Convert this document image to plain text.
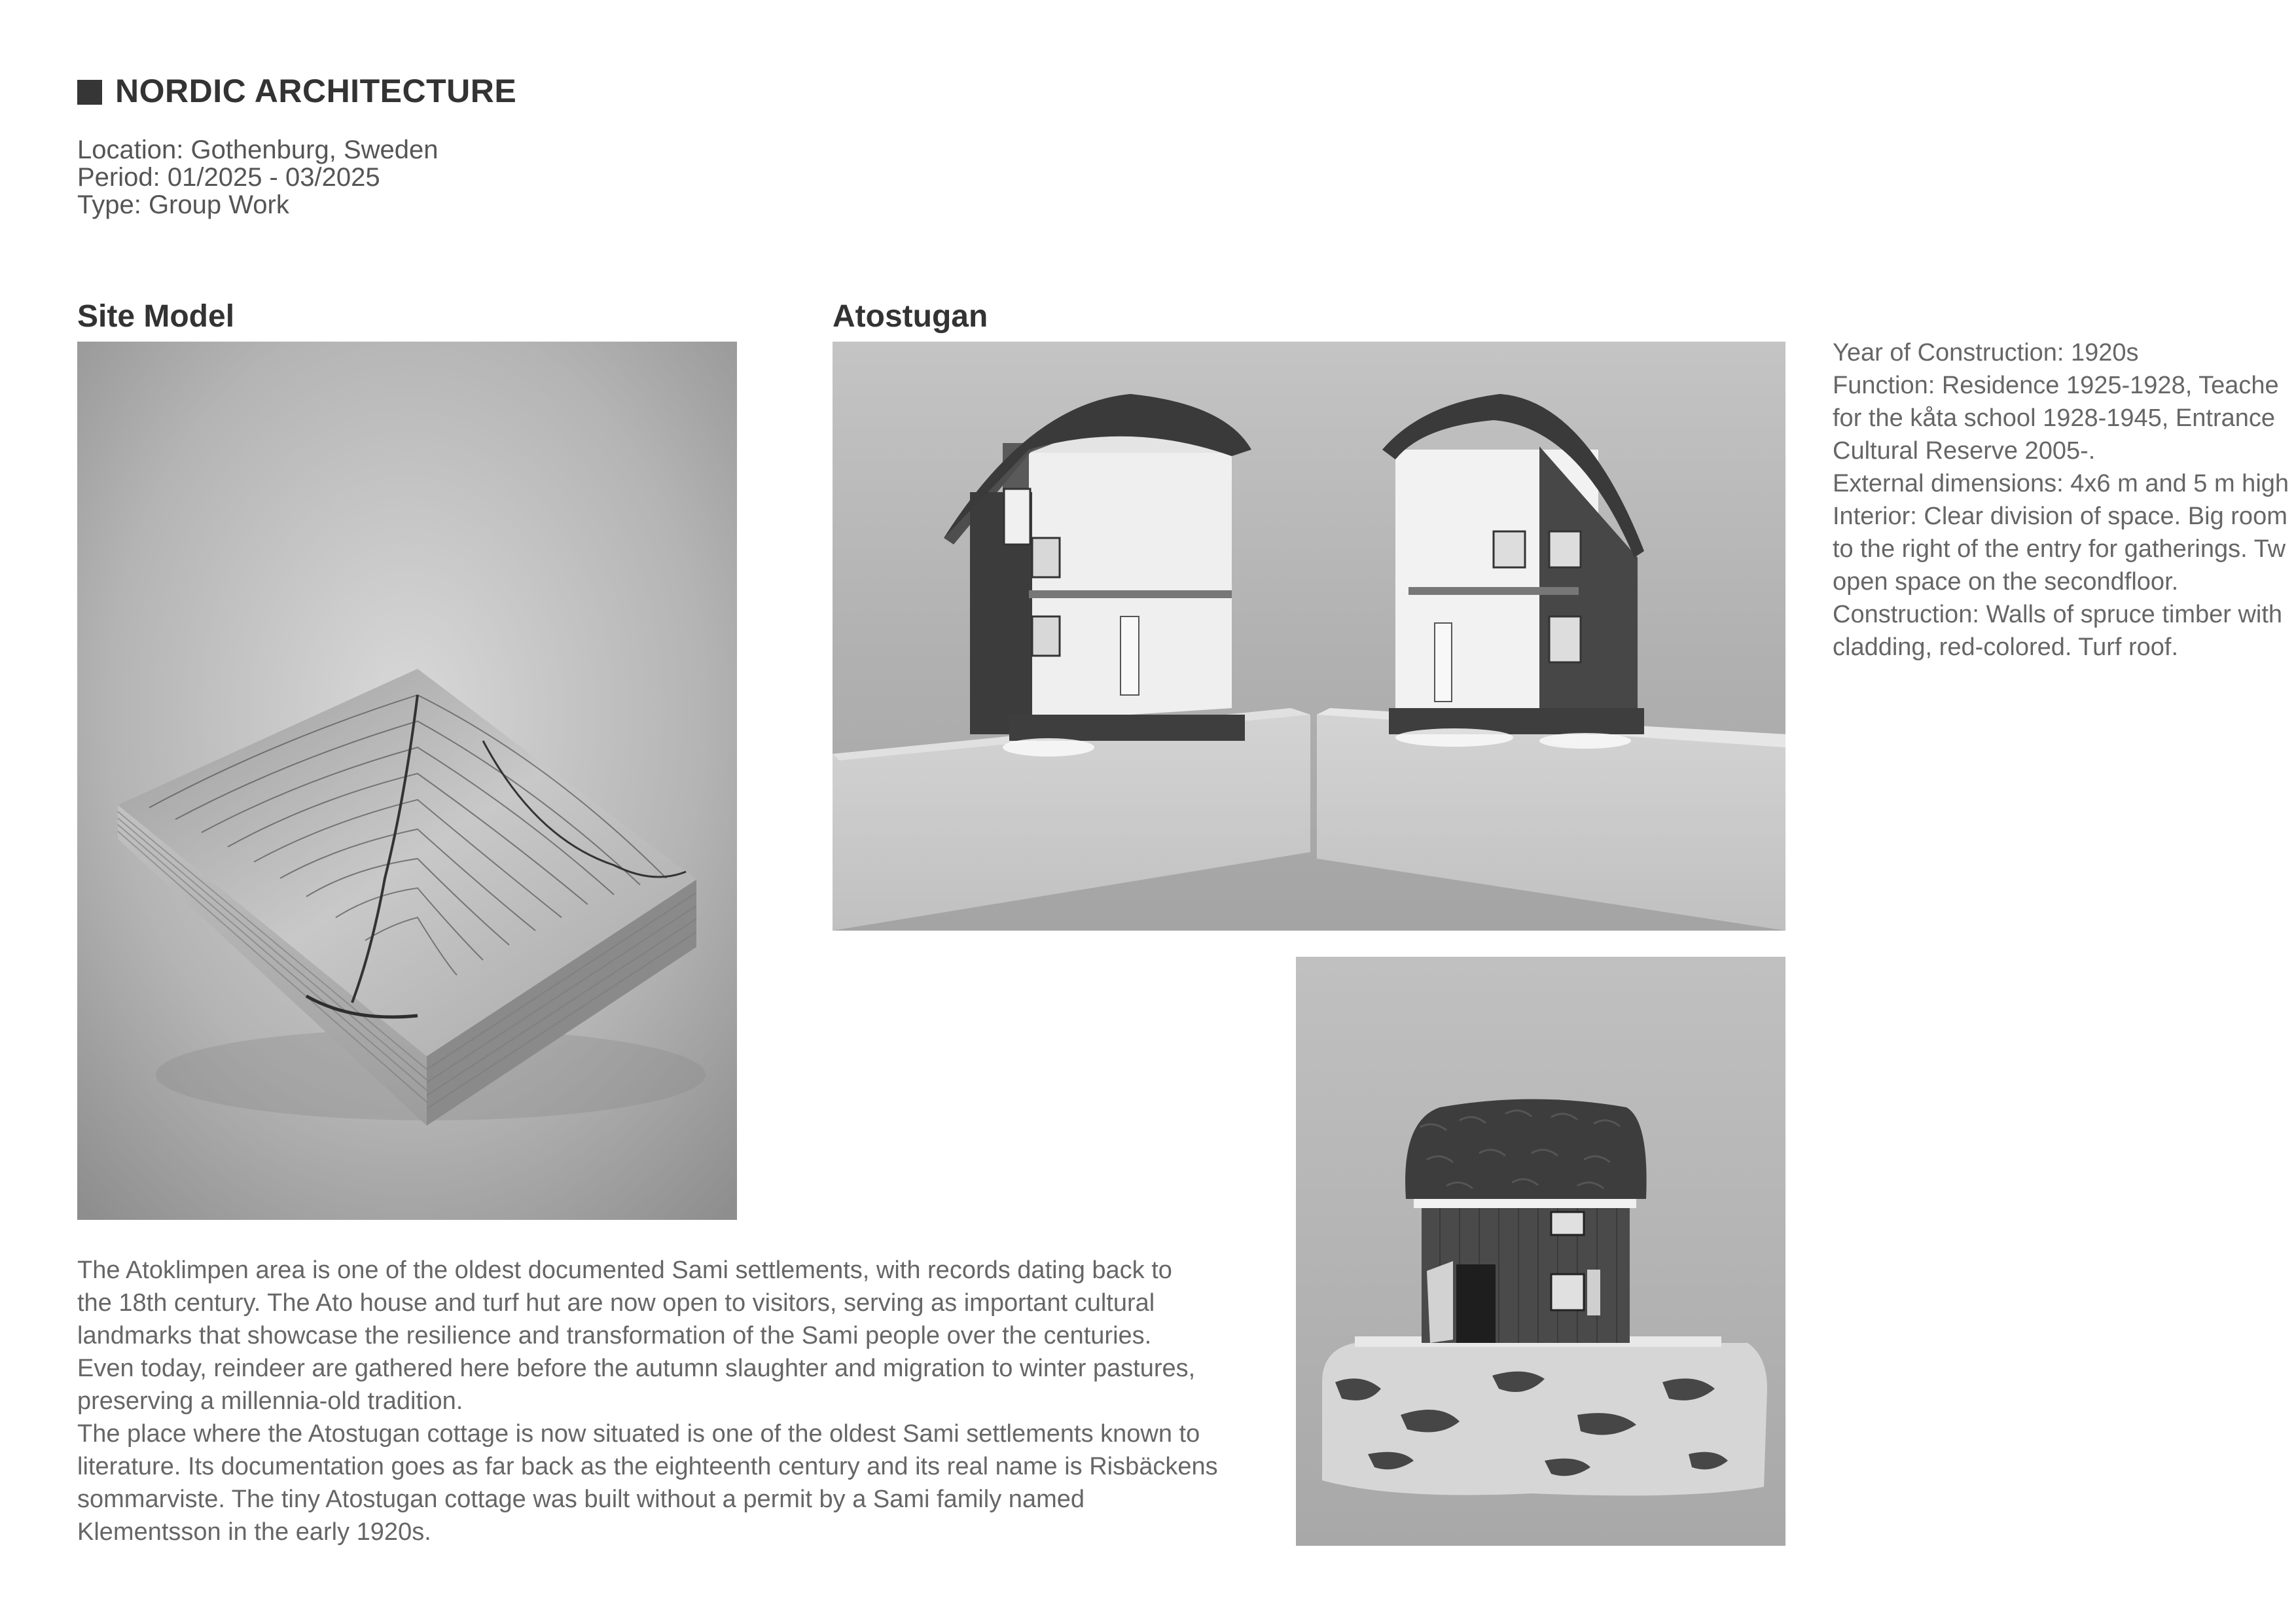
NORDIC ARCHITECTURE
Location: Gothenburg, Sweden
Period: 01/2025 - 03/2025
Type: Group Work
Site Model	Atostugan
Year of Construction: 1920s
Function: Residence 1925-1928, Teache
for the kåta school 1928-1945, Entrance
Cultural Reserve 2005-.
External dimensions: 4x6 m and 5 m high
Interior: Clear division of space. Big room
to the right of the entry for gatherings. Tw
open space on the secondfloor.
Construction: Walls of spruce timber with
cladding, red-colored. Turf roof.
The Atoklimpen area is one of the oldest documented Sami settlements, with records dating back to
the 18th century. The Ato house and turf hut are now open to visitors, serving as important cultural
landmarks that showcase the resilience and transformation of the Sami people over the centuries.
Even today, reindeer are gathered here before the autumn slaughter and migration to winter pastures,
preserving a millennia-old tradition.
The place where the Atostugan cottage is now situated is one of the oldest Sami settlements known to
literature. Its documentation goes as far back as the eighteenth century and its real name is Risbäckens
sommarviste. The tiny Atostugan cottage was built without a permit by a Sami family named
Klementsson in the early 1920s.
